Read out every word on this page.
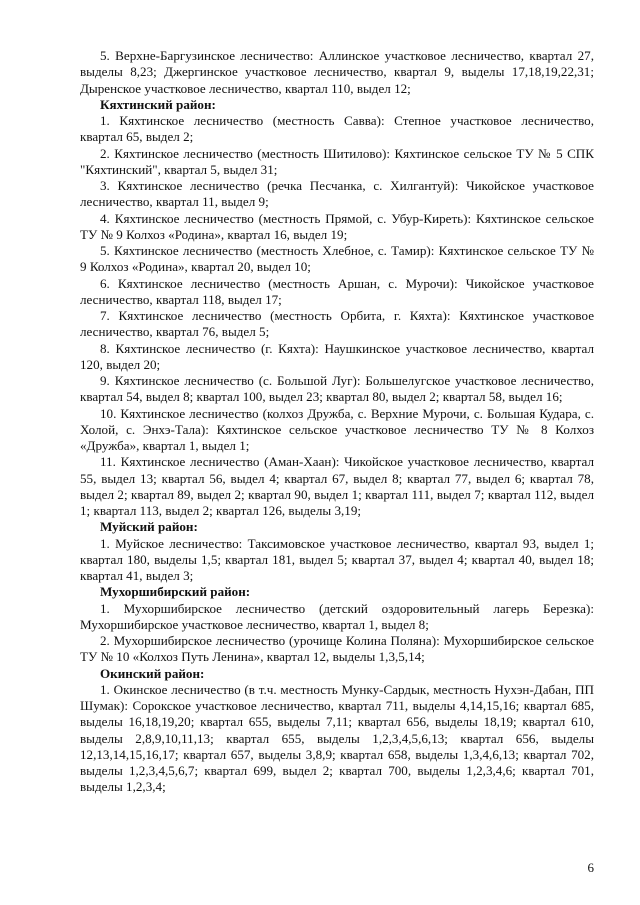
5. Верхне-Баргузинское лесничество: Аллинское участковое лесничество, квартал 27, выделы 8,23; Джергинское участковое лесничество, квартал 9, выделы 17,18,19,22,31; Дыренское участковое лесничество, квартал 110, выдел 12;

Кяхтинский район:

1. Кяхтинское лесничество (местность Савва): Степное участковое лесничество, квартал 65, выдел 2;

2. Кяхтинское лесничество (местность Шитилово): Кяхтинское сельское ТУ № 5 СПК "Кяхтинский", квартал 5, выдел 31;

3. Кяхтинское лесничество (речка Песчанка, с. Хилгантуй): Чикойское участковое лесничество, квартал 11, выдел 9;

4. Кяхтинское лесничество (местность Прямой, с. Убур-Киреть): Кяхтинское сельское ТУ № 9 Колхоз «Родина», квартал 16, выдел 19;

5. Кяхтинское лесничество (местность Хлебное, с. Тамир): Кяхтинское сельское ТУ № 9 Колхоз «Родина», квартал 20, выдел 10;

6. Кяхтинское лесничество (местность Аршан, с. Мурочи): Чикойское участковое лесничество, квартал 118, выдел 17;

7. Кяхтинское лесничество (местность Орбита, г. Кяхта): Кяхтинское участковое лесничество, квартал 76, выдел 5;

8. Кяхтинское лесничество (г. Кяхта): Наушкинское участковое лесничество, квартал 120, выдел 20;

9. Кяхтинское лесничество (с. Большой Луг): Большелугское участковое лесничество, квартал 54, выдел 8; квартал 100, выдел 23; квартал 80, выдел 2; квартал 58, выдел 16;

10. Кяхтинское лесничество (колхоз Дружба, с. Верхние Мурочи, с. Большая Кудара, с. Холой, с. Энхэ-Тала): Кяхтинское сельское участковое лесничество ТУ № 8 Колхоз «Дружба», квартал 1, выдел 1;

11. Кяхтинское лесничество (Аман-Хаан): Чикойское участковое лесничество, квартал 55, выдел 13; квартал 56, выдел 4; квартал 67, выдел 8; квартал 77, выдел 6; квартал 78, выдел 2; квартал 89, выдел 2; квартал 90, выдел 1; квартал 111, выдел 7; квартал 112, выдел 1; квартал 113, выдел 2; квартал 126, выделы 3,19;

Муйский район:

1. Муйское лесничество: Таксимовское участковое лесничество, квартал 93, выдел 1; квартал 180, выделы 1,5; квартал 181, выдел 5; квартал 37, выдел 4; квартал 40, выдел 18; квартал 41, выдел 3;

Мухоршибирский район:

1. Мухоршибирское лесничество (детский оздоровительный лагерь Березка): Мухоршибирское участковое лесничество, квартал 1, выдел 8;

2. Мухоршибирское лесничество (урочище Колина Поляна): Мухоршибирское сельское ТУ № 10 «Колхоз Путь Ленина», квартал 12, выделы 1,3,5,14;

Окинский район:

1. Окинское лесничество (в т.ч. местность Мунку-Сардык, местность Нухэн-Дабан, ПП Шумак): Сорокское участковое лесничество, квартал 711, выделы 4,14,15,16; квартал 685, выделы 16,18,19,20; квартал 655, выделы 7,11; квартал 656, выделы 18,19; квартал 610, выделы 2,8,9,10,11,13; квартал 655, выделы 1,2,3,4,5,6,13; квартал 656, выделы 12,13,14,15,16,17; квартал 657, выделы 3,8,9; квартал 658, выделы 1,3,4,6,13; квартал 702, выделы 1,2,3,4,5,6,7; квартал 699, выдел 2; квартал 700, выделы 1,2,3,4,6; квартал 701, выделы 1,2,3,4;

6
